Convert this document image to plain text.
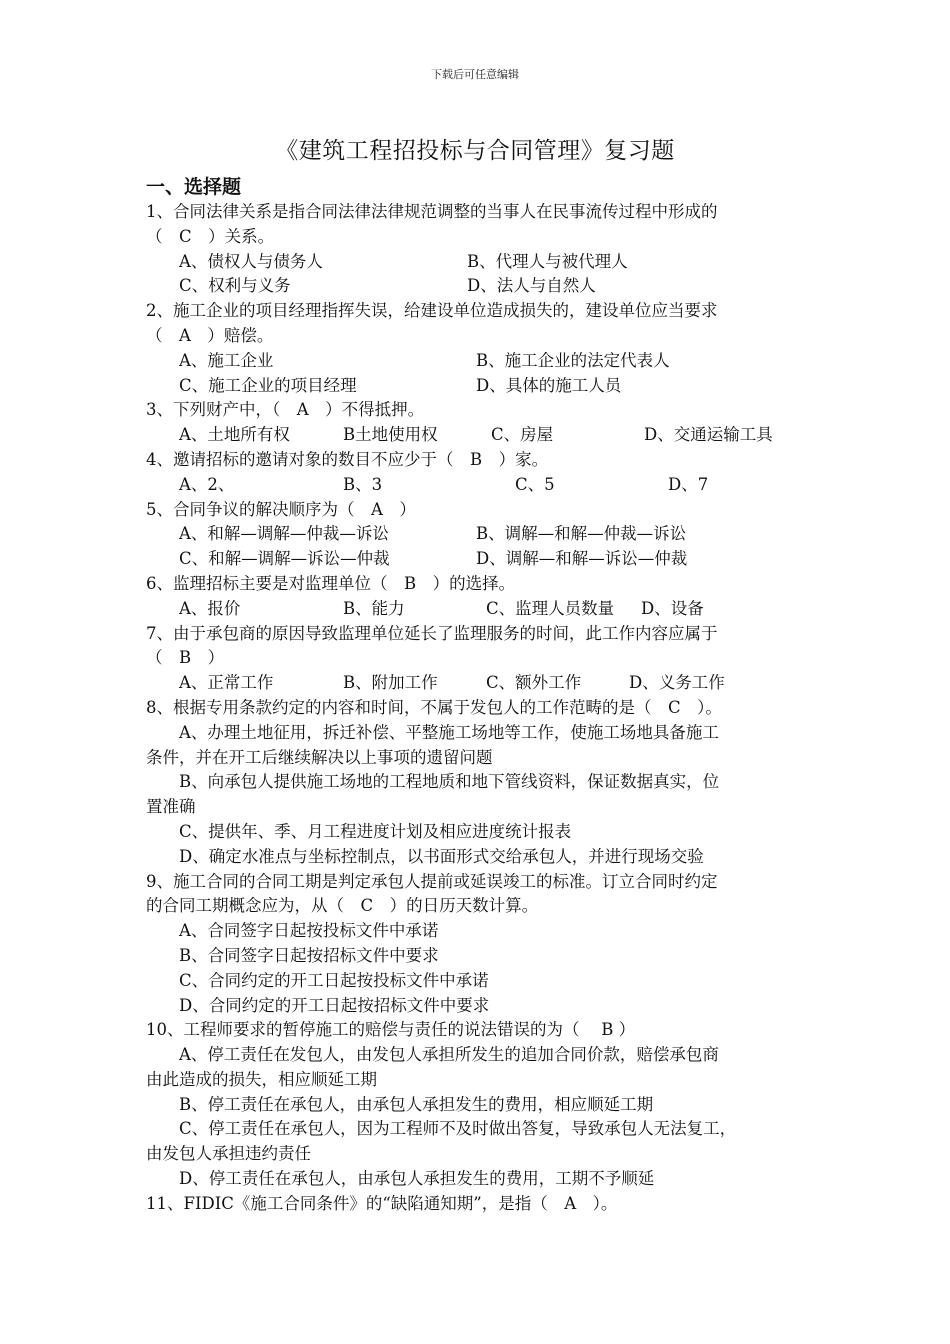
下载后可任意编辑
《建筑工程招投标与合同管理》复习题
一、选择题
1、合同法律关系是指合同法律法律规范调整的当事人在民事流传过程中形成的
（　C　）关系。
A、债权人与债务人	B、代理人与被代理人
C、权利与义务	D、法人与自然人
2、施工企业的项目经理指挥失误，给建设单位造成损失的，建设单位应当要求
（　A　）赔偿。
A、施工企业	B、施工企业的法定代表人
C、施工企业的项目经理	D、具体的施工人员
3、下列财产中，（　A　）不得抵押。
A、土地所有权	B土地使用权	C、房屋	D、交通运输工具
4、邀请招标的邀请对象的数目不应少于（　B　）家。
A、2、	B、3	C、5	D、7
5、合同争议的解决顺序为（　A　）
A、和解—调解—仲裁—诉讼	B、调解—和解—仲裁—诉讼
C、和解—调解—诉讼—仲裁	D、调解—和解—诉讼—仲裁
6、监理招标主要是对监理单位（　B　）的选择。
A、报价	B、能力	C、监理人员数量	D、设备
7、由于承包商的原因导致监理单位延长了监理服务的时间，此工作内容应属于
（　B　）
A、正常工作	B、附加工作	C、额外工作	D、义务工作
8、根据专用条款约定的内容和时间，不属于发包人的工作范畴的是（　C　）。
A、办理土地征用，拆迁补偿、平整施工场地等工作，使施工场地具备施工
条件，并在开工后继续解决以上事项的遗留问题
B、向承包人提供施工场地的工程地质和地下管线资料，保证数据真实，位
置准确
C、提供年、季、月工程进度计划及相应进度统计报表
D、确定水准点与坐标控制点，以书面形式交给承包人，并进行现场交验
9、施工合同的合同工期是判定承包人提前或延误竣工的标准。订立合同时约定
的合同工期概念应为，从（　C　）的日历天数计算。
A、合同签字日起按投标文件中承诺
B、合同签字日起按招标文件中要求
C、合同约定的开工日起按投标文件中承诺
D、合同约定的开工日起按招标文件中要求
10、工程师要求的暂停施工的赔偿与责任的说法错误的为（　 B ）
A、停工责任在发包人，由发包人承担所发生的追加合同价款，赔偿承包商
由此造成的损失，相应顺延工期
B、停工责任在承包人，由承包人承担发生的费用，相应顺延工期
C、停工责任在承包人，因为工程师不及时做出答复，导致承包人无法复工，
由发包人承担违约责任
D、停工责任在承包人，由承包人承担发生的费用，工期不予顺延
11、FIDIC《施工合同条件》的“缺陷通知期”，是指（　A　）。
